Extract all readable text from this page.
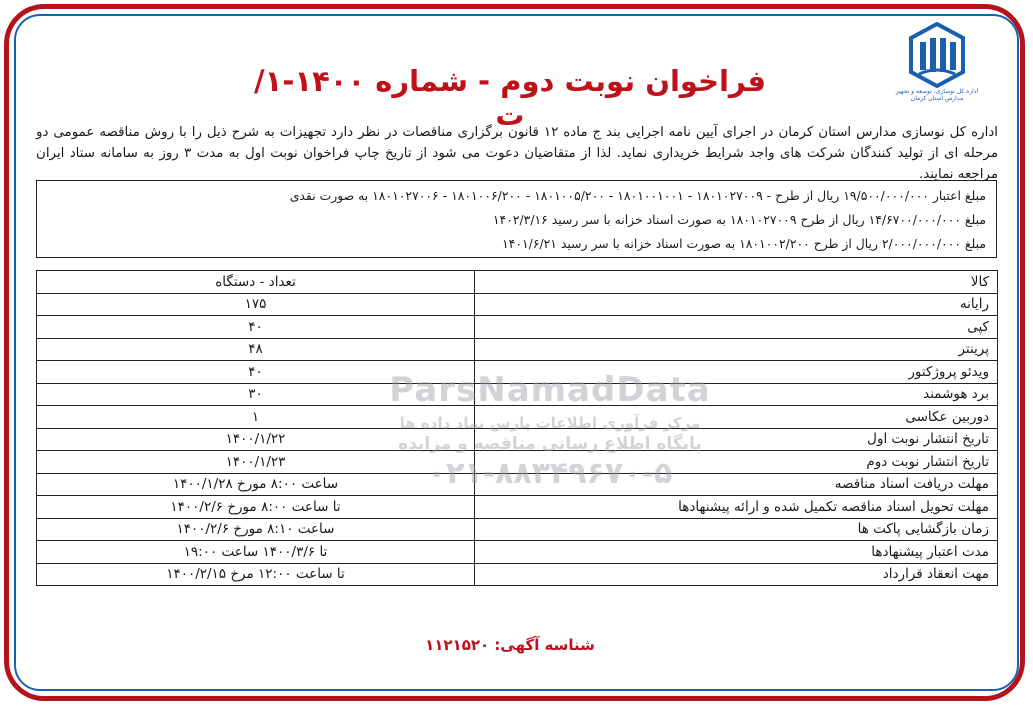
اداره کل نوسازی، توسعه و تجهیز مدارس استان کرمان
فراخوان نوبت دوم - شماره ۱۴۰۰-۱/ت
اداره کل نوسازی مدارس استان کرمان در اجرای آیین نامه اجرایی بند ج ماده ۱۲ قانون برگزاری مناقصات در نظر دارد تجهیزات به شرح ذیل را با روش مناقصه عمومی دو مرحله ای از تولید کنندگان شرکت های واجد شرایط خریداری نماید. لذا از متقاضیان دعوت می شود از تاریخ چاپ فراخوان نوبت اول به مدت ۳ روز به سامانه ستاد ایران مراجعه نمایند.
مبلغ اعتبار ۱۹/۵۰۰/۰۰۰/۰۰۰ ریال از طرح - ۱۸۰۱۰۲۷۰۰۹ - ۱۸۰۱۰۰۱۰۰۱ - ۱۸۰۱۰۰۵/۲۰۰ - ۱۸۰۱۰۰۶/۲۰۰ - ۱۸۰۱۰۲۷۰۰۶ به صورت نقدی
مبلغ ۱۴/۶۷۰۰/۰۰۰/۰۰۰ ریال از طرح ۱۸۰۱۰۲۷۰۰۹ به صورت اسناد خزانه با سر رسید ۱۴۰۲/۳/۱۶
مبلغ ۲/۰۰۰/۰۰۰/۰۰۰ ریال از طرح ۱۸۰۱۰۰۲/۲۰۰ به صورت اسناد خزانه با سر رسید ۱۴۰۱/۶/۲۱
کالا	تعداد - دستگاه
رایانه	۱۷۵
کپی	۴۰
پرینتر	۴۸
ویدئو پروژکتور	۴۰
برد هوشمند	۳۰
دوربین عکاسی	۱
تاریخ انتشار نوبت اول	۱۴۰۰/۱/۲۲
تاریخ انتشار نوبت دوم	۱۴۰۰/۱/۲۳
مهلت دریافت اسناد مناقصه	ساعت ۸:۰۰ مورخ ۱۴۰۰/۱/۲۸
مهلت تحویل اسناد مناقصه تکمیل شده و ارائه پیشنهادها	تا ساعت ۸:۰۰ مورخ ۱۴۰۰/۲/۶
زمان بازگشایی پاکت ها	ساعت ۸:۱۰ مورخ ۱۴۰۰/۲/۶
مدت اعتبار پیشنهادها	تا ۱۴۰۰/۳/۶ ساعت ۱۹:۰۰
مهت انعقاد قرارداد	تا ساعت ۱۲:۰۰ مرخ ۱۴۰۰/۲/۱۵
ParsNamadData
مرکز فرآوری اطلاعات پارس نماد داده ها
پایگاه اطلاع رسانی مناقصه و مزایده
۰۲۱-۸۸۳۴۹۶۷۰-۵
شناسه آگهی: ۱۱۲۱۵۲۰
